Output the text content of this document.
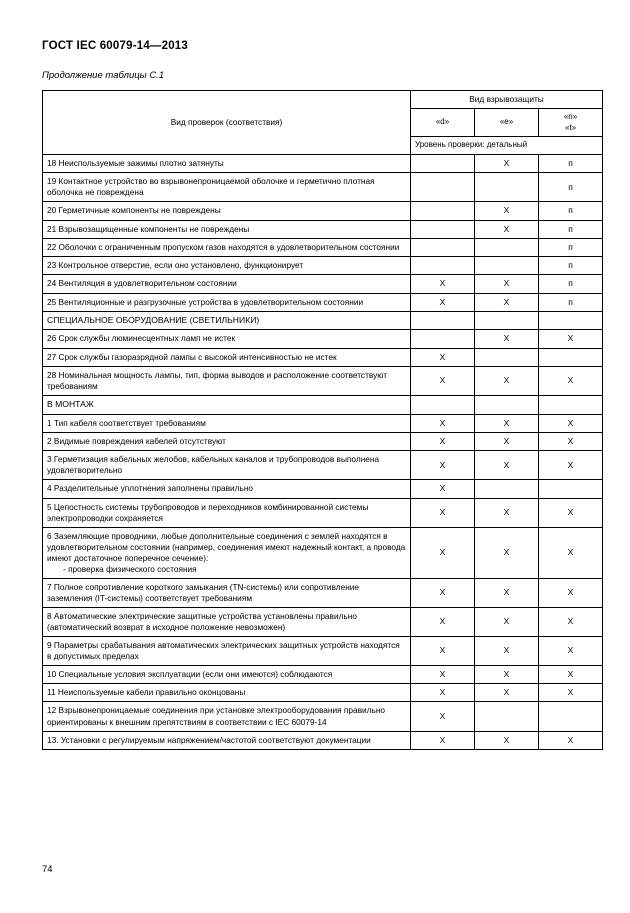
ГОСТ IEC 60079-14—2013
Продолжение таблицы С.1
Вид проверок (соответствия)	Вид взрывозащиты		
	«d»	«e»	«n»
«t»
	Уровень проверки: детальный		
18 Неиспользуемые зажимы плотно затянуты		X	п
19 Контактное устройство во взрывонепроницаемой оболочке и герметично плотная оболочка не повреждена			п
20 Герметичные компоненты не повреждены		X	п
21 Взрывозащищенные компоненты не повреждены		X	п
22 Оболочки с ограниченным пропуском газов находятся в удовлетворительном состоянии			п
23 Контрольное отверстие, если оно установлено, функционирует			п
24 Вентиляция в удовлетворительном состоянии	X	X	п
25 Вентиляционные и разгрузочные устройства в удовлетворительном состоянии	X	X	п
СПЕЦИАЛЬНОЕ ОБОРУДОВАНИЕ (СВЕТИЛЬНИКИ)			
26 Срок службы люминесцентных ламп не истек		X	X
27 Срок службы газоразрядной лампы с высокой интенсивностью не истек	X		
28 Номинальная мощность лампы, тип, форма выводов и расположение соответствуют требованиям	X	X	X
В МОНТАЖ			
1 Тип кабеля соответствует требованиям	X	X	X
2 Видимые повреждения кабелей отсутствуют	X	X	X
3 Герметизация кабельных желобов, кабельных каналов и трубопроводов выполнена удовлетворительно	X	X	X
4 Разделительные уплотнения заполнены правильно	X		
5 Цепостность системы трубопроводов и переходников комбинированной системы электропроводки сохраняется	X	X	X
6 Заземляющие проводники, любые дополнительные соединения с землей находятся в удовлетворительном состоянии (например, соединения имеют надежный контакт, а провода имеют достаточное поперечное сечение):
- проверка физического состояния	X	X	X
7 Полное сопротивление короткого замыкания (TN-системы) или сопротивление заземления (IT-системы) соответствует требованиям	X	X	X
8 Автоматические электрические защитные устройства установлены правильно (автоматический возврат в исходное положение невозможен)	X	X	X
9 Параметры срабатывания автоматических электрических защитных устройств находятся в допустимых пределах	X	X	X
10 Специальные условия эксплуатации (если они имеются) соблюдаются	X	X	X
11 Неиспользуемые кабели правильно оконцованы	X	X	X
12 Взрывонепроницаемые соединения при установке электрооборудования правильно ориентированы к внешним препятствиям в соответствии с IEC 60079-14	X		
13. Установки с регулируемым напряжением/частотой соответствуют документации	X	X	X
74
